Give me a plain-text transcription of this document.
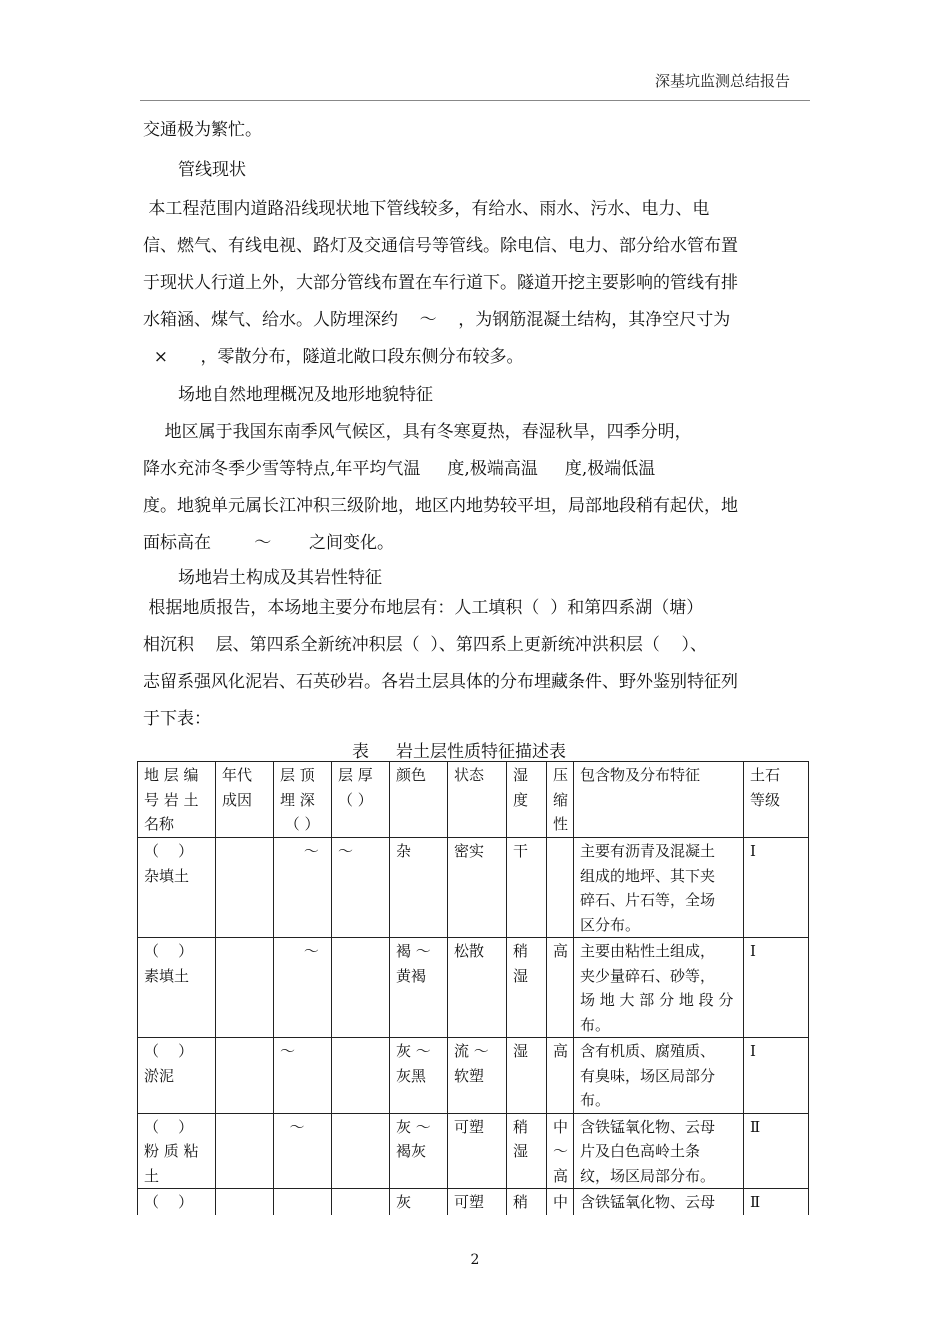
深基坑监测总结报告
交通极为繁忙。
管线现状
本工程范围内道路沿线现状地下管线较多，有给水、雨水、污水、电力、电
信、燃气、有线电视、路灯及交通信号等管线。除电信、电力、部分给水管布置
于现状人行道上外，大部分管线布置在车行道下。隧道开挖主要影响的管线有排
水箱涵、煤气、给水。人防埋深约    ～    ，为钢筋混凝土结构，其净空尺寸为
×      ，零散分布，隧道北敞口段东侧分布较多。
场地自然地理概况及地形地貌特征
地区属于我国东南季风气候区，具有冬寒夏热，春湿秋旱，四季分明，
降水充沛冬季少雪等特点,年平均气温     度,极端高温     度,极端低温
度。地貌单元属长江冲积三级阶地，地区内地势较平坦，局部地段稍有起伏，地
面标高在        ～       之间变化。
场地岩土构成及其岩性特征
根据地质报告，本场地主要分布地层有：人工填积（  ）和第四系湖（塘）
相沉积    层、第四系全新统冲积层（  ）、第四系上更新统冲洪积层（    ）、
志留系强风化泥岩、石英砂岩。各岩土层具体的分布埋藏条件、野外鉴别特征列
于下表：
表     岩土层性质特征描述表
地 层 编
号 岩 土
名称	年代
成因	层 顶
埋 深
（ ）	层 厚
（ ）	颜色	状态	湿
度	压
缩
性	包含物及分布特征	土石
等级

（    ）
杂填土		～	～	杂	密实	干		主要有沥青及混凝土
组成的地坪、其下夹
碎石、片石等，全场
区分布。	Ⅰ

（    ）
素填土		～		褐 ～
黄褐	松散	稍
湿	高	主要由粘性土组成，
夹少量碎石、砂等，
场 地 大 部 分 地 段 分
布。	Ⅰ

（    ）
淤泥		～		灰 ～
灰黑	流 ～
软塑	湿	高	含有机质、腐殖质、
有臭味，场区局部分
布。	Ⅰ

（    ）
粉 质 粘
土		～		灰 ～
褐灰	可塑	稍
湿	中
～
高	含铁锰氧化物、云母
片及白色高岭土条
纹，场区局部分布。	Ⅱ

（    ）				灰	可塑	稍	中	含铁锰氧化物、云母	Ⅱ
2
